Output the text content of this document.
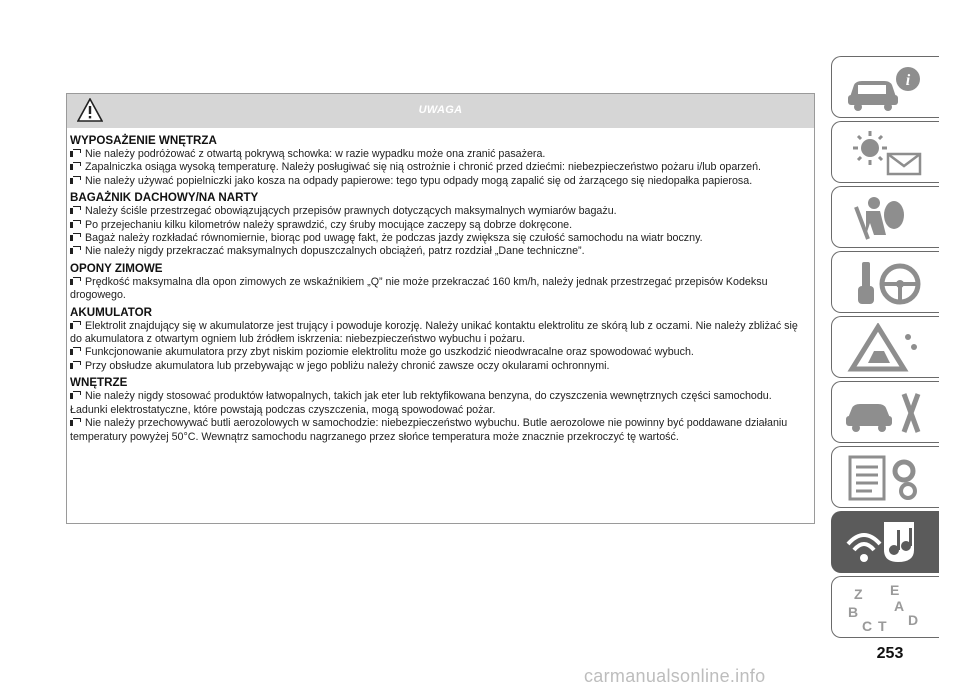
UWAGA
WYPOSAŻENIE WNĘTRZA
Nie należy podróżować z otwartą pokrywą schowka: w razie wypadku może ona zranić pasażera.
Zapalniczka osiąga wysoką temperaturę. Należy posługiwać się nią ostrożnie i chronić przed dziećmi: niebezpieczeństwo pożaru i/lub oparzeń.
Nie należy używać popielniczki jako kosza na odpady papierowe: tego typu odpady mogą zapalić się od żarzącego się niedopałka papierosa.
BAGAŻNIK DACHOWY/NA NARTY
Należy ściśle przestrzegać obowiązujących przepisów prawnych dotyczących maksymalnych wymiarów bagażu.
Po przejechaniu kilku kilometrów należy sprawdzić, czy śruby mocujące zaczepy są dobrze dokręcone.
Bagaż należy rozkładać równomiernie, biorąc pod uwagę fakt, że podczas jazdy zwiększa się czułość samochodu na wiatr boczny.
Nie należy nigdy przekraczać maksymalnych dopuszczalnych obciążeń, patrz rozdział „Dane techniczne”.
OPONY ZIMOWE
Prędkość maksymalna dla opon zimowych ze wskaźnikiem „Q” nie może przekraczać 160 km/h, należy jednak przestrzegać przepisów Kodeksu drogowego.
AKUMULATOR
Elektrolit znajdujący się w akumulatorze jest trujący i powoduje korozję. Należy unikać kontaktu elektrolitu ze skórą lub z oczami. Nie należy zbliżać się do akumulatora z otwartym ogniem lub źródłem iskrzenia: niebezpieczeństwo wybuchu i pożaru.
Funkcjonowanie akumulatora przy zbyt niskim poziomie elektrolitu może go uszkodzić nieodwracalne oraz spowodować wybuch.
Przy obsłudze akumulatora lub przebywając w jego pobliżu należy chronić zawsze oczy okularami ochronnymi.
WNĘTRZE
Nie należy nigdy stosować produktów łatwopalnych, takich jak eter lub rektyfikowana benzyna, do czyszczenia wewnętrznych części samochodu. Ładunki elektrostatyczne, które powstają podczas czyszczenia, mogą spowodować pożar.
Nie należy przechowywać butli aerozolowych w samochodzie: niebezpieczeństwo wybuchu. Butle aerozolowe nie powinny być poddawane działaniu temperatury powyżej 50°C. Wewnątrz samochodu nagrzanego przez słońce temperatura może znacznie przekroczyć tę wartość.
i
Z E
A
B	D
C T
253
carmanualsonline.info
